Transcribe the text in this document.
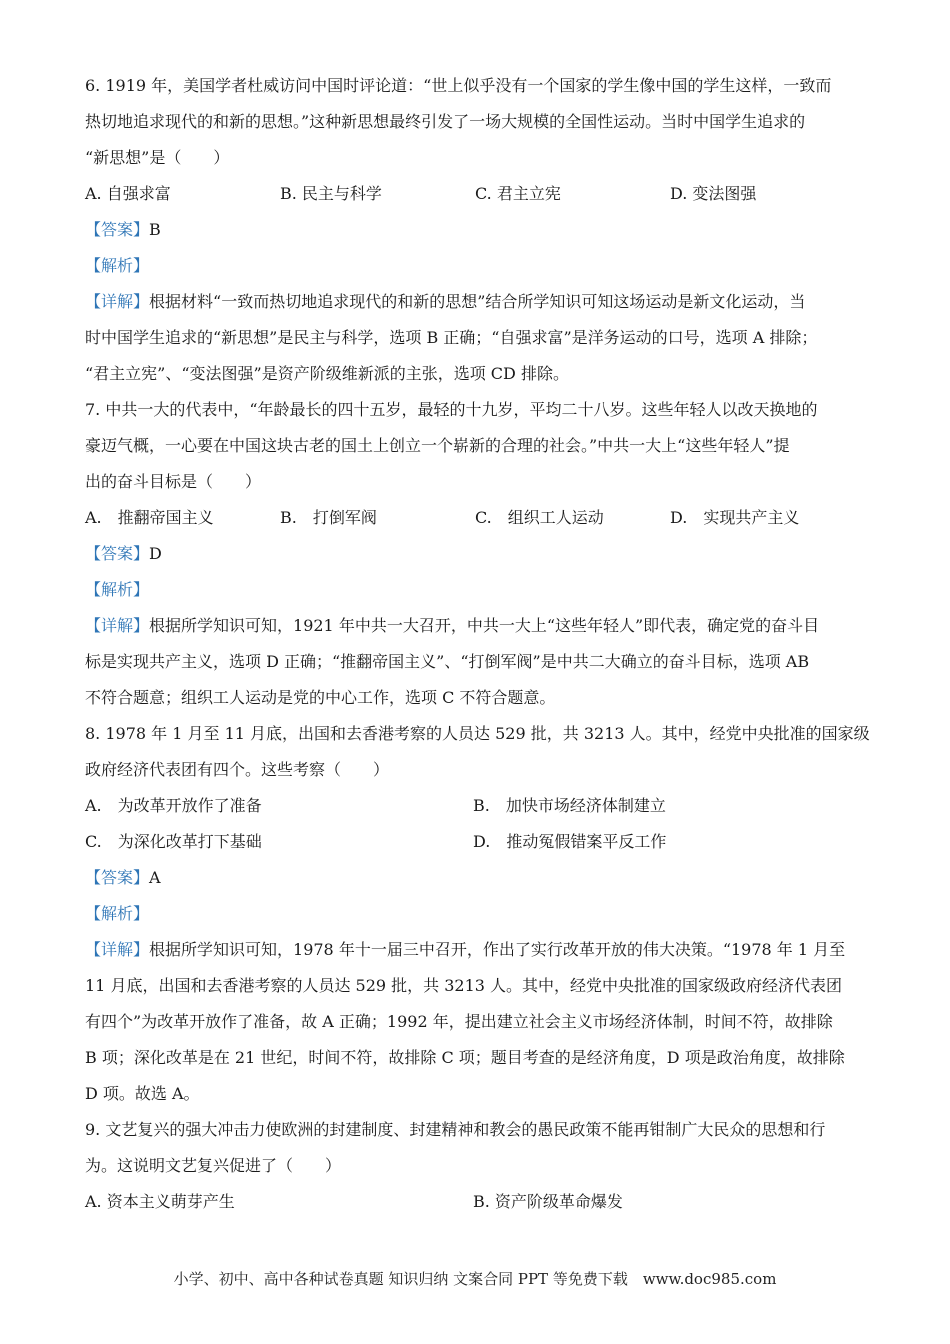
6. 1919 年，美国学者杜威访问中国时评论道：“世上似乎没有一个国家的学生像中国的学生这样，一致而
热切地追求现代的和新的思想。”这种新思想最终引发了一场大规模的全国性运动。当时中国学生追求的
“新思想”是（　　）
A. 自强求富	B. 民主与科学	C. 君主立宪	D. 变法图强
【答案】B
【解析】
【详解】根据材料“一致而热切地追求现代的和新的思想”结合所学知识可知这场运动是新文化运动，当
时中国学生追求的“新思想”是民主与科学，选项 B 正确；“自强求富”是洋务运动的口号，选项 A 排除；
“君主立宪”、“变法图强”是资产阶级维新派的主张，选项 CD 排除。
7. 中共一大的代表中，“年龄最长的四十五岁，最轻的十九岁，平均二十八岁。这些年轻人以改天换地的
豪迈气概，一心要在中国这块古老的国土上创立一个崭新的合理的社会。”中共一大上“这些年轻人”提
出的奋斗目标是（　　）
A.　推翻帝国主义	B.　打倒军阀	C.　组织工人运动	D.　实现共产主义
【答案】D
【解析】
【详解】根据所学知识可知，1921 年中共一大召开，中共一大上“这些年轻人”即代表，确定党的奋斗目
标是实现共产主义，选项 D 正确；“推翻帝国主义”、“打倒军阀”是中共二大确立的奋斗目标，选项 AB
不符合题意；组织工人运动是党的中心工作，选项 C 不符合题意。
8. 1978 年 1 月至 11 月底，出国和去香港考察的人员达 529 批，共 3213 人。其中，经党中央批准的国家级
政府经济代表团有四个。这些考察（　　）
A.　为改革开放作了准备	B.　加快市场经济体制建立
C.　为深化改革打下基础	D.　推动冤假错案平反工作
【答案】A
【解析】
【详解】根据所学知识可知，1978 年十一届三中召开，作出了实行改革开放的伟大决策。“1978 年 1 月至
11 月底，出国和去香港考察的人员达 529 批，共 3213 人。其中，经党中央批准的国家级政府经济代表团
有四个”为改革开放作了准备，故 A 正确；1992 年，提出建立社会主义市场经济体制，时间不符，故排除
B 项；深化改革是在 21 世纪，时间不符，故排除 C 项；题目考查的是经济角度，D 项是政治角度，故排除
D 项。故选 A。
9. 文艺复兴的强大冲击力使欧洲的封建制度、封建精神和教会的愚民政策不能再钳制广大民众的思想和行
为。这说明文艺复兴促进了（　　）
A. 资本主义萌芽产生	B. 资产阶级革命爆发
小学、初中、高中各种试卷真题 知识归纳 文案合同 PPT 等免费下载　www.doc985.com
